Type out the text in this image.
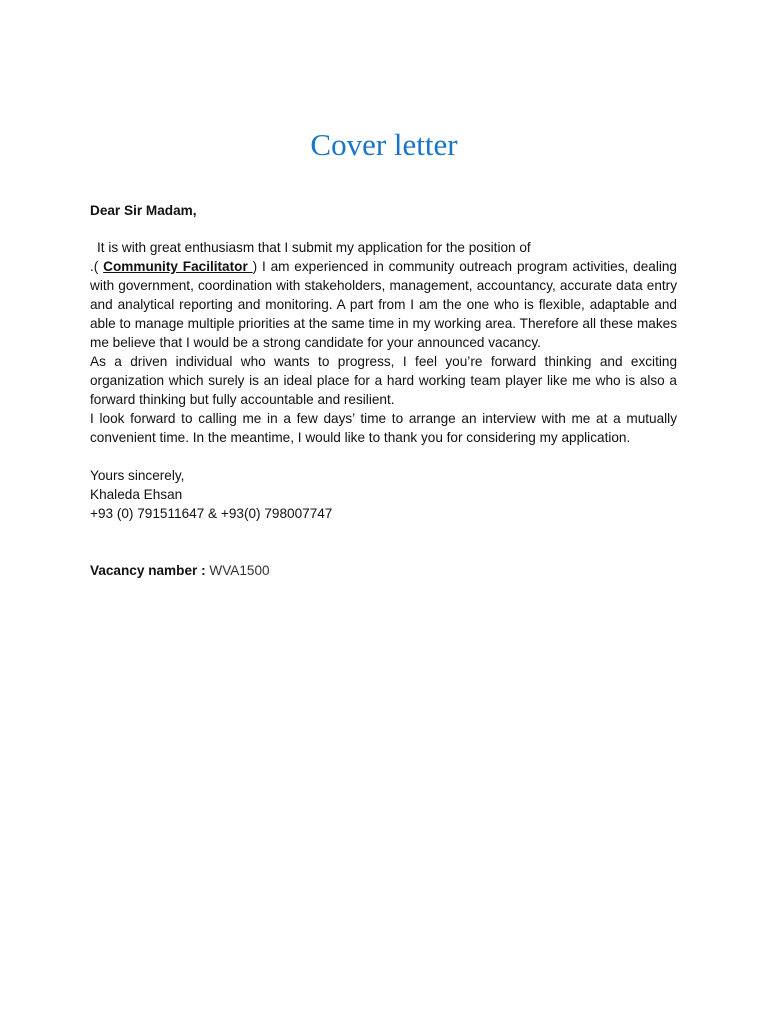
Cover letter

Dear Sir Madam,

It is with great enthusiasm that I submit my application for the position of
.( Community Facilitator ) I am experienced in community outreach program activities, dealing with government, coordination with stakeholders, management, accountancy, accurate data entry and analytical reporting and monitoring. A part from I am the one who is flexible, adaptable and able to manage multiple priorities at the same time in my working area. Therefore all these makes me believe that I would be a strong candidate for your announced vacancy.

As a driven individual who wants to progress, I feel you’re forward thinking and exciting organization which surely is an ideal place for a hard working team player like me who is also a forward thinking but fully accountable and resilient.

I look forward to calling me in a few days’ time to arrange an interview with me at a mutually convenient time. In the meantime, I would like to thank you for considering my application.

Yours sincerely,
Khaleda Ehsan
+93 (0) 791511647 & +93(0) 798007747
Vacancy namber : WVA1500
